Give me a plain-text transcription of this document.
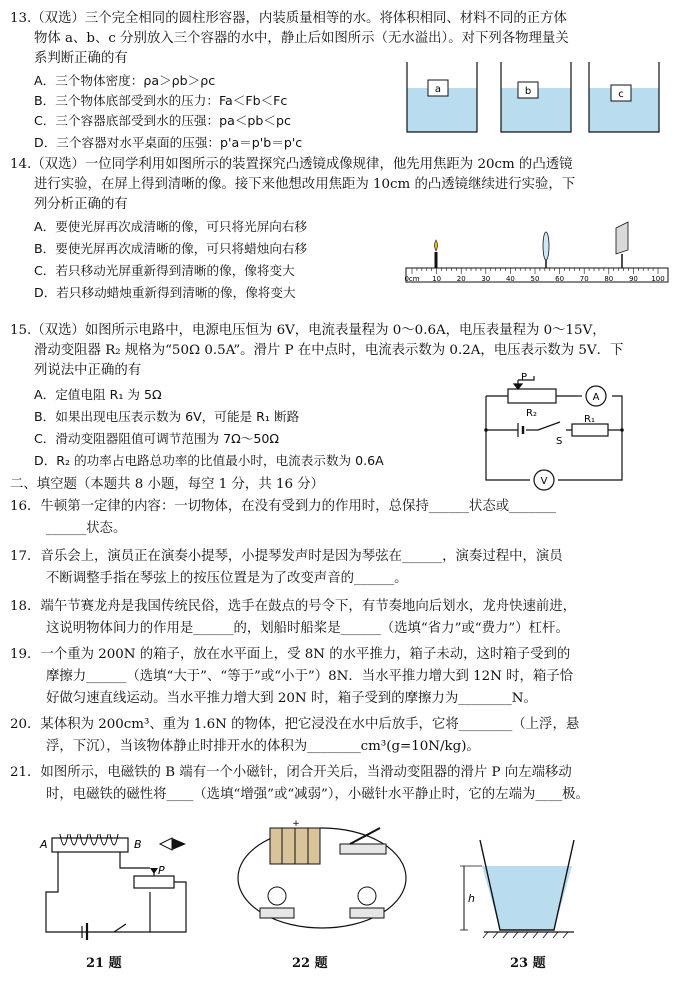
13.（双选）三个完全相同的圆柱形容器，内装质量相等的水。将体积相同、材料不同的正方体
物体 a、b、c 分别放入三个容器的水中，静止后如图所示（无水溢出）。对下列各物理量关
系判断正确的有
A．三个物体密度：ρa＞ρb＞ρc
B．三个物体底部受到水的压力：Fa＜Fb＜Fc
C．三个容器底部受到水的压强：pa＜pb＜pc
D．三个容器对水平桌面的压强：p'a＝p'b＝p'c
a	b	c
14.（双选）一位同学利用如图所示的装置探究凸透镜成像规律，他先用焦距为 20cm 的凸透镜
进行实验，在屏上得到清晰的像。接下来他想改用焦距为 10cm 的凸透镜继续进行实验，下
列分析正确的有
A．要使光屏再次成清晰的像，可只将光屏向右移
B．要使光屏再次成清晰的像，可只将蜡烛向右移
C．若只移动光屏重新得到清晰的像，像将变大
D．若只移动蜡烛重新得到清晰的像，像将变大
0cm 10 20 30 40 50 60 70 80 90 100
15.（双选）如图所示电路中，电源电压恒为 6V，电流表量程为 0～0.6A，电压表量程为 0～15V，
滑动变阻器 R₂ 规格为“50Ω 0.5A”。滑片 P 在中点时，电流表示数为 0.2A，电压表示数为 5V．下
列说法中正确的有
A．定值电阻 R₁ 为 5Ω
B．如果出现电压表示数为 6V，可能是 R₁ 断路
C．滑动变阻器阻值可调节范围为 7Ω～50Ω
D．R₂ 的功率占电路总功率的比值最小时，电流表示数为 0.6A
P
R₂
A
R₁
S
V
二、填空题（本题共 8 小题，每空 1 分，共 16 分）
16．牛顿第一定律的内容：一切物体，在没有受到力的作用时，总保持______状态或_______
______状态。
17．音乐会上，演员正在演奏小提琴，小提琴发声时是因为琴弦在______，演奏过程中，演员
不断调整手指在琴弦上的按压位置是为了改变声音的______。
18．端午节赛龙舟是我国传统民俗，选手在鼓点的号令下，有节奏地向后划水，龙舟快速前进，
这说明物体间力的作用是______的，划船时船桨是______（选填“省力”或“费力”）杠杆。
19．一个重为 200N 的箱子，放在水平面上，受 8N 的水平推力，箱子未动，这时箱子受到的
摩擦力______（选填“大于”、“等于”或“小于”）8N．当水平推力增大到 12N 时，箱子恰
好做匀速直线运动。当水平推力增大到 20N 时，箱子受到的摩擦力为________N。
20．某体积为 200cm³、重为 1.6N 的物体，把它浸没在水中后放手，它将________（上浮，悬
浮，下沉），当该物体静止时排开水的体积为________cm³(g=10N/kg)。
21．如图所示，电磁铁的 B 端有一个小磁针，闭合开关后，当滑动变阻器的滑片 P 向左端移动
时，电磁铁的磁性将____（选填“增强”或“减弱”），小磁针水平静止时，它的左端为____极。
A	B
P
+
h
21 题	22 题	23 题
